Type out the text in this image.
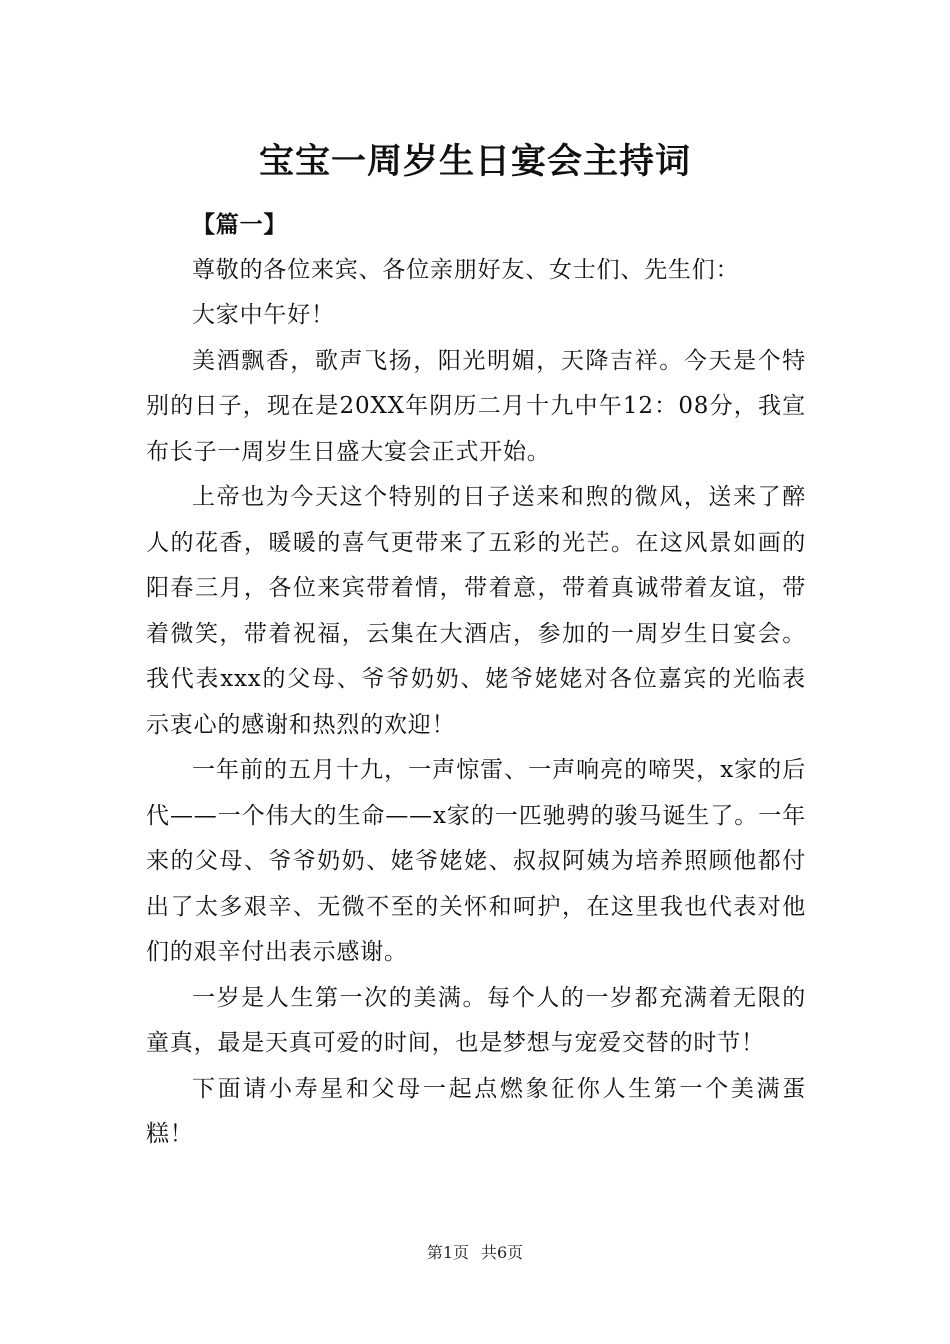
宝宝一周岁生日宴会主持词

【篇一】

尊敬的各位来宾、各位亲朋好友、女士们、先生们：

大家中午好！

美酒飘香，歌声飞扬，阳光明媚，天降吉祥。今天是个特别的日子，现在是20XX年阴历二月十九中午12：08分，我宣布长子一周岁生日盛大宴会正式开始。

上帝也为今天这个特别的日子送来和煦的微风，送来了醉人的花香，暖暖的喜气更带来了五彩的光芒。在这风景如画的阳春三月，各位来宾带着情，带着意，带着真诚带着友谊，带着微笑，带着祝福，云集在大酒店，参加的一周岁生日宴会。我代表xxx的父母、爷爷奶奶、姥爷姥姥对各位嘉宾的光临表示衷心的感谢和热烈的欢迎！

一年前的五月十九，一声惊雷、一声响亮的啼哭，x家的后代——一个伟大的生命——x家的一匹驰骋的骏马诞生了。一年来的父母、爷爷奶奶、姥爷姥姥、叔叔阿姨为培养照顾他都付出了太多艰辛、无微不至的关怀和呵护，在这里我也代表对他们的艰辛付出表示感谢。

一岁是人生第一次的美满。每个人的一岁都充满着无限的童真，最是天真可爱的时间，也是梦想与宠爱交替的时节！

下面请小寿星和父母一起点燃象征你人生第一个美满蛋糕！

第1页 共6页
